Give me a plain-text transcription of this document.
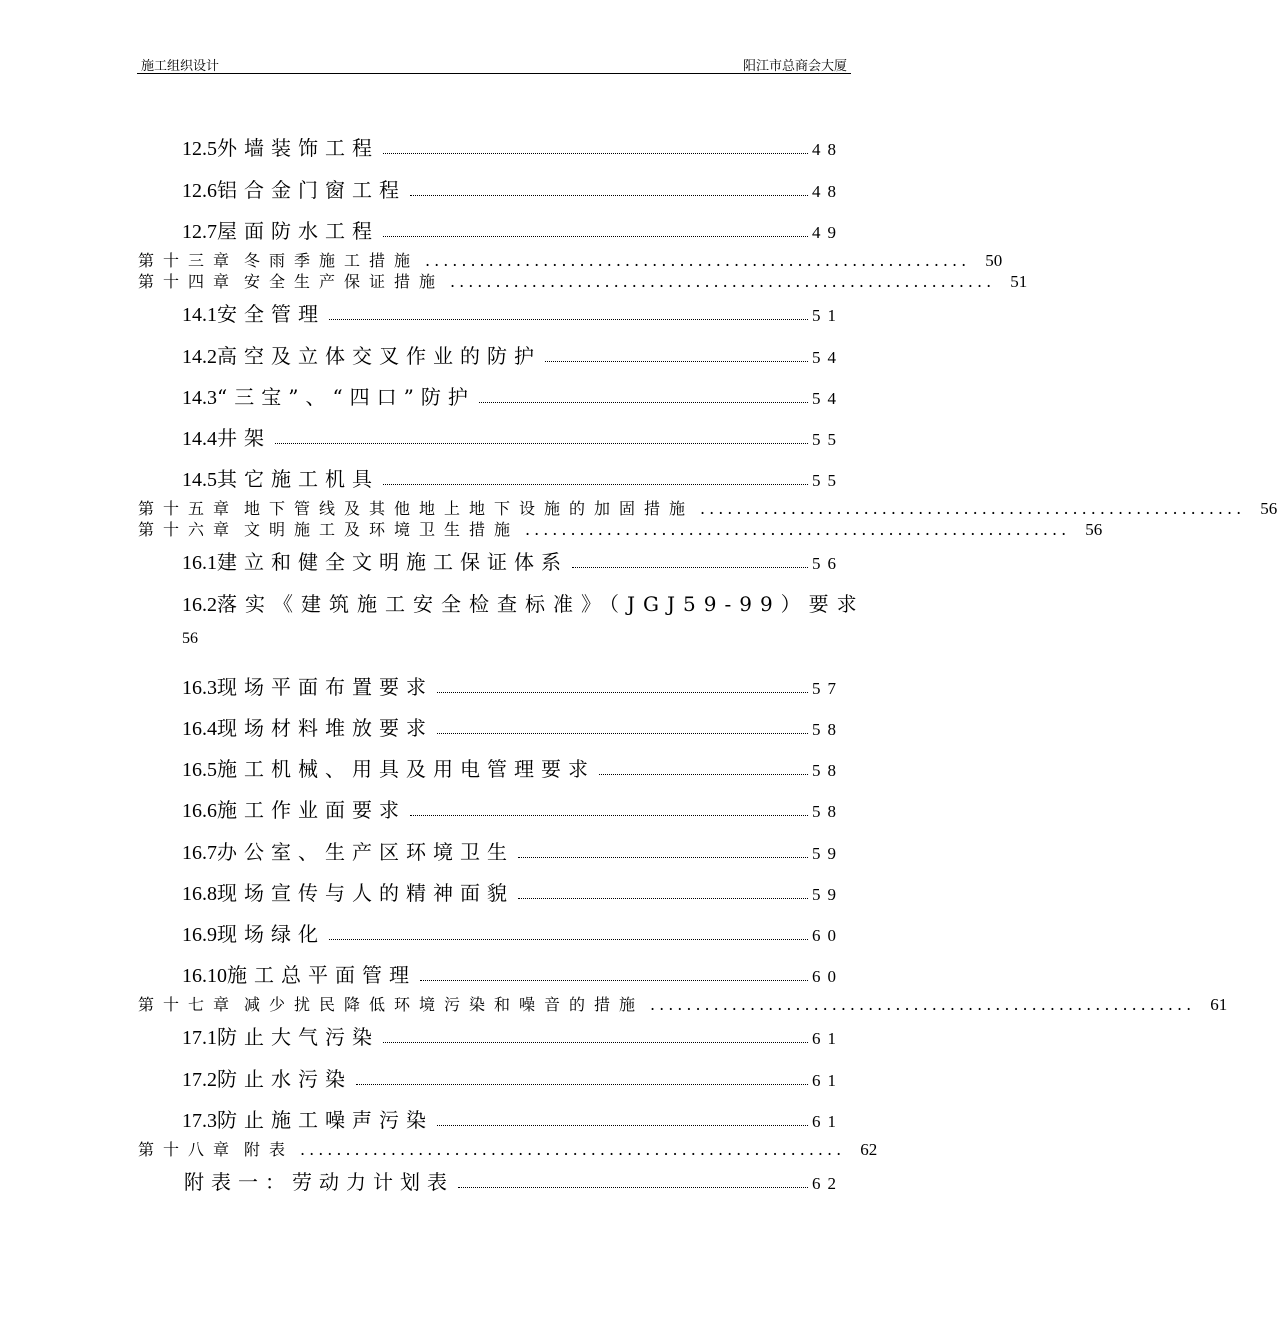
施工组织设计	阳江市总商会大厦
12.5外墙装饰工程	48
12.6铝合金门窗工程	48
12.7屋面防水工程	49
第十三章 冬雨季施工措施 ............................................................ 50
第十四章 安全生产保证措施 ............................................................ 51
14.1安全管理	51
14.2高空及立体交叉作业的防护	54
14.3“三宝”、“四口”防护	54
14.4井架	55
14.5其它施工机具	55
第十五章 地下管线及其他地上地下设施的加固措施 ............................................................ 56
第十六章 文明施工及环境卫生措施 ............................................................ 56
16.1建立和健全文明施工保证体系	56
16.2落实《建筑施工安全检查标准》（JGJ59-99）要求
56
16.3现场平面布置要求	57
16.4现场材料堆放要求	58
16.5施工机械、用具及用电管理要求	58
16.6施工作业面要求	58
16.7办公室、生产区环境卫生	59
16.8现场宣传与人的精神面貌	59
16.9现场绿化	60
16.10施工总平面管理	60
第十七章 减少扰民降低环境污染和噪音的措施 ............................................................ 61
17.1防止大气污染	61
17.2防止水污染	61
17.3防止施工噪声污染	61
第十八章 附表 ............................................................ 62
附表一：劳动力计划表	62
